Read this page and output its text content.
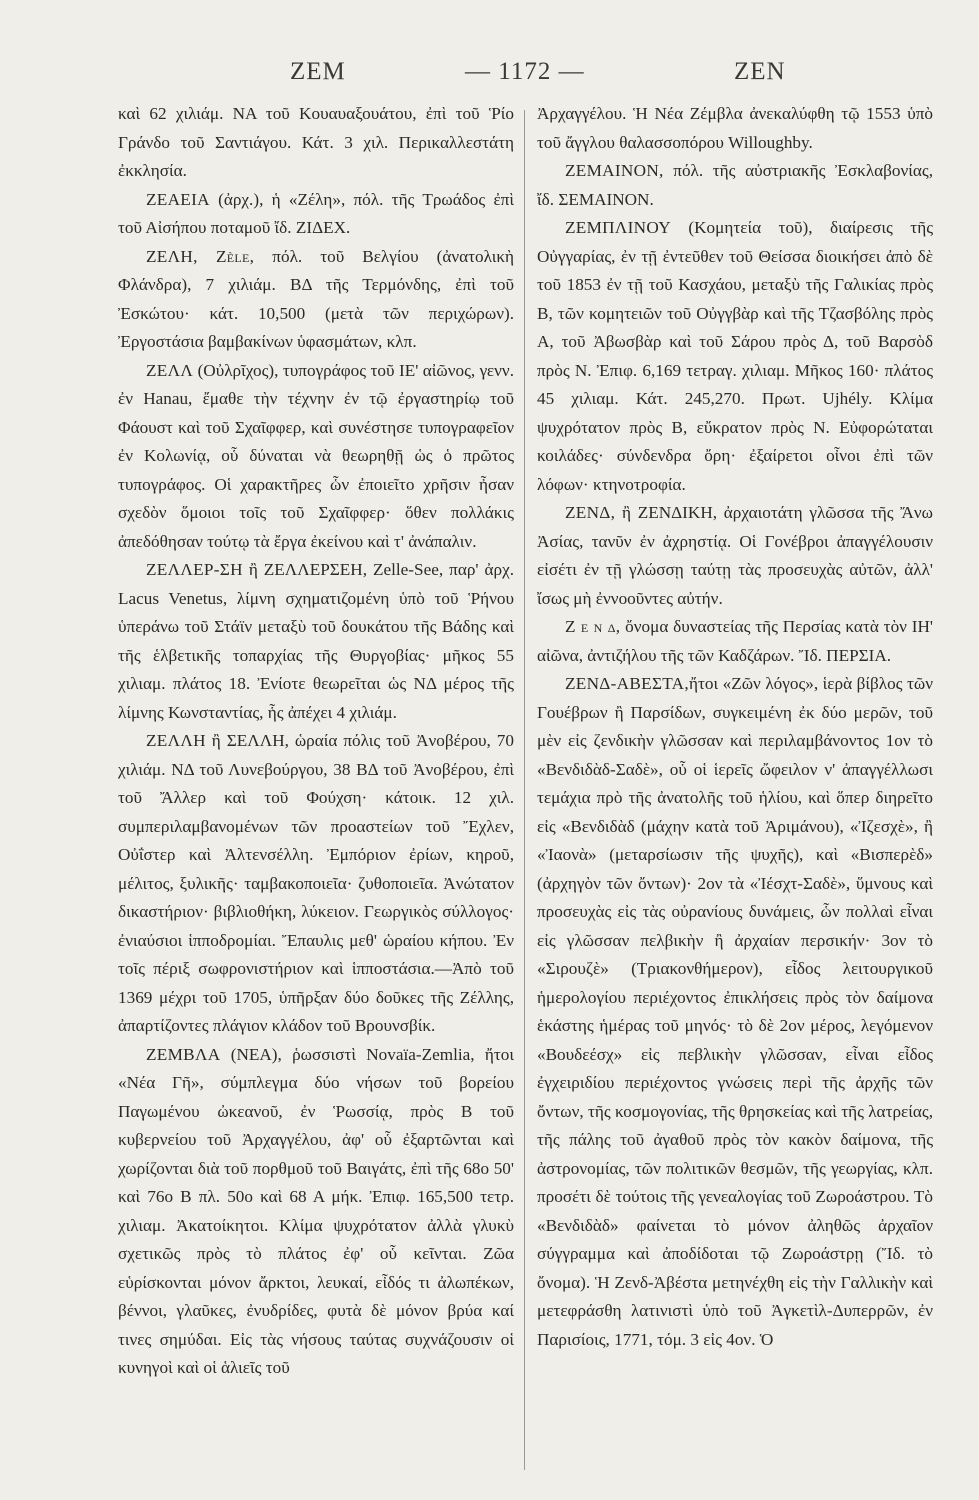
ΖΕΜ	— 1172 —	ΖΕΝ

καὶ 62 χιλιάμ. ΝΑ τοῦ Κουαυαξουάτου, ἐπὶ τοῦ Ῥίο Γράνδο τοῦ Σαντιάγου. Κάτ. 3 χιλ. Περικαλλεστάτη ἐκκλησία.

ΖΕΑΕΙΑ (ἀρχ.), ἡ «Ζέλη», πόλ. τῆς Τρωάδος ἐπὶ τοῦ Αἰσήπου ποταμοῦ ἴδ. ΖΙΔΕΧ.

ΖΕΛΗ, Zèle, πόλ. τοῦ Βελγίου (ἀνατολικὴ Φλάνδρα), 7 χιλιάμ. ΒΔ τῆς Τερμόνδης, ἐπὶ τοῦ Ἐσκώτου· κάτ. 10,500 (μετὰ τῶν περιχώρων). Ἐργοστάσια βαμβακίνων ὑφασμάτων, κλπ.

ΖΕΛΛ (Οὐλρῖχος), τυπογράφος τοῦ ΙΕ' αἰῶνος, γενν. ἐν Hanau, ἔμαθε τὴν τέχνην ἐν τῷ ἐργαστηρίῳ τοῦ Φάουστ καὶ τοῦ Σχαῖφφερ, καὶ συνέστησε τυπογραφεῖον ἐν Κολωνίᾳ, οὗ δύναται νὰ θεωρηθῇ ὡς ὁ πρῶτος τυπογράφος. Οἱ χαρακτῆρες ὧν ἐποιεῖτο χρῆσιν ἦσαν σχεδὸν ὅμοιοι τοῖς τοῦ Σχαῖφφερ· ὅθεν πολλάκις ἀπεδόθησαν τούτῳ τὰ ἔργα ἐκείνου καὶ τ' ἀνάπαλιν.

ΖΕΛΛΕΡ-ΣΗ ἢ ΖΕΛΛΕΡΣΕΗ, Zelle-See, παρ' ἀρχ. Lacus Venetus, λίμνη σχηματιζομένη ὑπὸ τοῦ Ῥήνου ὑπεράνω τοῦ Στάϊν μεταξὺ τοῦ δουκάτου τῆς Βάδης καὶ τῆς ἑλβετικῆς τοπαρχίας τῆς Θυργοβίας· μῆκος 55 χιλιαμ. πλάτος 18. Ἐνίοτε θεωρεῖται ὡς ΝΔ μέρος τῆς λίμνης Κωνσταντίας, ἧς ἀπέχει 4 χιλιάμ.

ΖΕΛΛΗ ἢ ΣΕΛΛΗ, ὡραία πόλις τοῦ Ἀνοβέρου, 70 χιλιάμ. ΝΔ τοῦ Λυνεβούργου, 38 ΒΔ τοῦ Ἀνοβέρου, ἐπὶ τοῦ Ἄλλερ καὶ τοῦ Φούχση· κάτοικ. 12 χιλ. συμπεριλαμβανομένων τῶν προαστείων τοῦ Ἔχλεν, Οὐΐστερ καὶ Ἀλτενσέλλη. Ἐμπόριον ἐρίων, κηροῦ, μέλιτος, ξυλικῆς· ταμβακοποιεῖα· ζυθοποιεῖα. Ἀνώτατον δικαστήριον· βιβλιοθήκη, λύκειον. Γεωργικὸς σύλλογος· ἐνιαύσιοι ἱπποδρομίαι. Ἔπαυλις μεθ' ὡραίου κήπου. Ἐν τοῖς πέριξ σωφρονιστήριον καὶ ἱπποστάσια.—Ἀπὸ τοῦ 1369 μέχρι τοῦ 1705, ὑπῆρξαν δύο δοῦκες τῆς Ζέλλης, ἀπαρτίζοντες πλάγιον κλάδον τοῦ Βρουνσβίκ.

ΖΕΜΒΛΑ (ΝΕΑ), ῥωσσιστὶ Novaïa-Zemlia, ἤτοι «Νέα Γῆ», σύμπλεγμα δύο νήσων τοῦ βορείου Παγωμένου ὠκεανοῦ, ἐν Ῥωσσίᾳ, πρὸς Β τοῦ κυβερνείου τοῦ Ἀρχαγγέλου, ἀφ' οὗ ἐξαρτῶνται καὶ χωρίζονται διὰ τοῦ πορθμοῦ τοῦ Βαιγάτς, ἐπὶ τῆς 68ο 50' καὶ 76ο Β πλ. 50ο καὶ 68 Α μήκ. Ἐπιφ. 165,500 τετρ. χιλιαμ. Ἀκατοίκητοι. Κλίμα ψυχρότατον ἀλλὰ γλυκὺ σχετικῶς πρὸς τὸ πλάτος ἐφ' οὗ κεῖνται. Ζῶα εὑρίσκονται μόνον ἄρκτοι, λευκαί, εἶδός τι ἀλωπέκων, βέννοι, γλαῦκες, ἐνυδρίδες, φυτὰ δὲ μόνον βρύα καί τινες σημύδαι. Εἰς τὰς νήσους ταύτας συχνάζουσιν οἱ κυνηγοὶ καὶ οἱ ἁλιεῖς τοῦ

Ἀρχαγγέλου. Ἡ Νέα Ζέμβλα ἀνεκαλύφθη τῷ 1553 ὑπὸ τοῦ ἄγγλου θαλασσοπόρου Willoughby.

ΖΕΜΑΙΝΟΝ, πόλ. τῆς αὐστριακῆς Ἐσκλαβονίας, ἴδ. ΣΕΜΑΙΝΟΝ.

ΖΕΜΠΛΙΝΟΥ (Κομητεία τοῦ), διαίρεσις τῆς Οὐγγαρίας, ἐν τῇ ἐντεῦθεν τοῦ Θείσσα διοικήσει ἀπὸ δὲ τοῦ 1853 ἐν τῇ τοῦ Κασχάου, μεταξὺ τῆς Γαλικίας πρὸς Β, τῶν κομητειῶν τοῦ Οὐγγβὰρ καὶ τῆς Τζασβόλης πρὸς Α, τοῦ Ἀβωσβὰρ καὶ τοῦ Σάρου πρὸς Δ, τοῦ Βαρσὸδ πρὸς Ν. Ἐπιφ. 6,169 τετραγ. χιλιαμ. Μῆκος 160· πλάτος 45 χιλιαμ. Κάτ. 245,270. Πρωτ. Ujhély. Κλίμα ψυχρότατον πρὸς Β, εὔκρατον πρὸς Ν. Εὐφορώταται κοιλάδες· σύνδενδρα ὄρη· ἐξαίρετοι οἶνοι ἐπὶ τῶν λόφων· κτηνοτροφία.

ΖΕΝΔ, ἢ ΖΕΝΔΙΚΗ, ἀρχαιοτάτη γλῶσσα τῆς Ἄνω Ἀσίας, τανῦν ἐν ἀχρηστίᾳ. Οἱ Γονέβροι ἀπαγγέλουσιν εἰσέτι ἐν τῇ γλώσσῃ ταύτῃ τὰς προσευχὰς αὐτῶν, ἀλλ' ἴσως μὴ ἐννοοῦντες αὐτήν.

Ζ ε ν δ, ὄνομα δυναστείας τῆς Περσίας κατὰ τὸν ΙΗ' αἰῶνα, ἀντιζήλου τῆς τῶν Καδζάρων. Ἴδ. ΠΕΡΣΙΑ.

ΖΕΝΔ-ΑΒΕΣΤΑ,ἤτοι «Ζῶν λόγος», ἱερὰ βίβλος τῶν Γουέβρων ἢ Παρσίδων, συγκειμένη ἐκ δύο μερῶν, τοῦ μὲν εἰς ζενδικὴν γλῶσσαν καὶ περιλαμβάνοντος 1ον τὸ «Βενδιδὰδ-Σαδὲ», οὗ οἱ ἱερεῖς ὤφειλον ν' ἀπαγγέλλωσι τεμάχια πρὸ τῆς ἀνατολῆς τοῦ ἡλίου, καὶ ὅπερ διηρεῖτο εἰς «Βενδιδὰδ (μάχην κατὰ τοῦ Ἀριμάνου), «Ἰζεσχὲ», ἢ «Ἰαονὰ» (μεταρσίωσιν τῆς ψυχῆς), καὶ «Βισπερὲδ» (ἀρχηγὸν τῶν ὄντων)· 2ον τὰ «Ἰέσχτ-Σαδὲ», ὕμνους καὶ προσευχὰς εἰς τὰς οὐρανίους δυνάμεις, ὧν πολλαὶ εἶναι εἰς γλῶσσαν πελβικὴν ἢ ἀρχαίαν περσικήν· 3ον τὸ «Σιρουζὲ» (Τριακονθήμερον), εἶδος λειτουργικοῦ ἡμερολογίου περιέχοντος ἐπικλήσεις πρὸς τὸν δαίμονα ἑκάστης ἡμέρας τοῦ μηνός· τὸ δὲ 2ον μέρος, λεγόμενον «Βουδεέσχ» εἰς πεβλικὴν γλῶσσαν, εἶναι εἶδος ἐγχειριδίου περιέχοντος γνώσεις περὶ τῆς ἀρχῆς τῶν ὄντων, τῆς κοσμογονίας, τῆς θρησκείας καὶ τῆς λατρείας, τῆς πάλης τοῦ ἀγαθοῦ πρὸς τὸν κακὸν δαίμονα, τῆς ἀστρονομίας, τῶν πολιτικῶν θεσμῶν, τῆς γεωργίας, κλπ. προσέτι δὲ τούτοις τῆς γενεαλογίας τοῦ Ζωροάστρου. Τὸ «Βενδιδὰδ» φαίνεται τὸ μόνον ἀληθῶς ἀρχαῖον σύγγραμμα καὶ ἀποδίδοται τῷ Ζωροάστρῃ (Ἴδ. τὸ ὄνομα). Ἡ Ζενδ-Ἀβέστα μετηνέχθη εἰς τὴν Γαλλικὴν καὶ μετεφράσθη λατινιστὶ ὑπὸ τοῦ Ἀγκετὶλ-Δυπερρῶν, ἐν Παρισίοις, 1771, τόμ. 3 εἰς 4ον. Ὁ
